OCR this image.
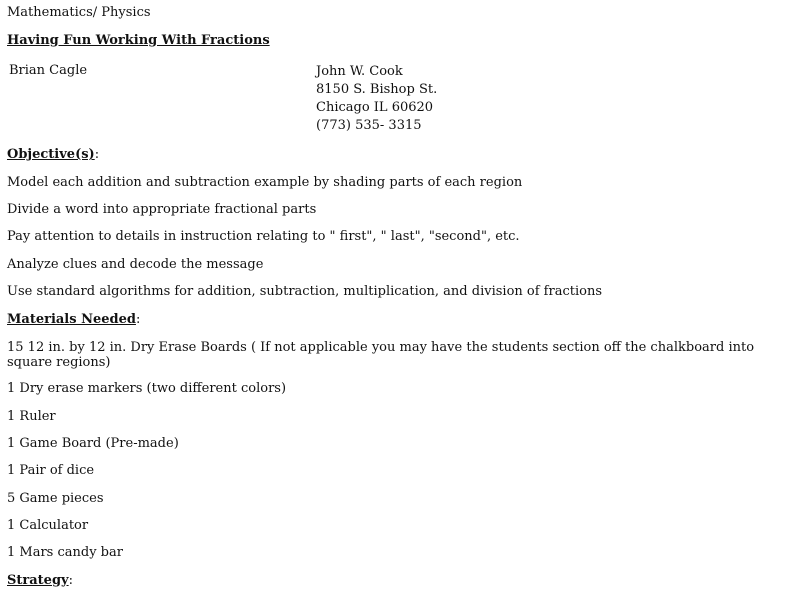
Mathematics/ Physics
Having Fun Working With Fractions
Brian Cagle	John W. Cook
8150 S. Bishop St.
Chicago IL 60620
(773) 535- 3315
Objective(s):
Model each addition and subtraction example by shading parts of each region
Divide a word into appropriate fractional parts
Pay attention to details in instruction relating to " first", " last", "second", etc.
Analyze clues and decode the message
Use standard algorithms for addition, subtraction, multiplication, and division of fractions
Materials Needed:
15 12 in. by 12 in. Dry Erase Boards ( If not applicable you may have the students section off the chalkboard into square regions)
1 Dry erase markers (two different colors)
1 Ruler
1 Game Board (Pre-made)
1 Pair of dice
5 Game pieces
1 Calculator
1 Mars candy bar
Strategy:
